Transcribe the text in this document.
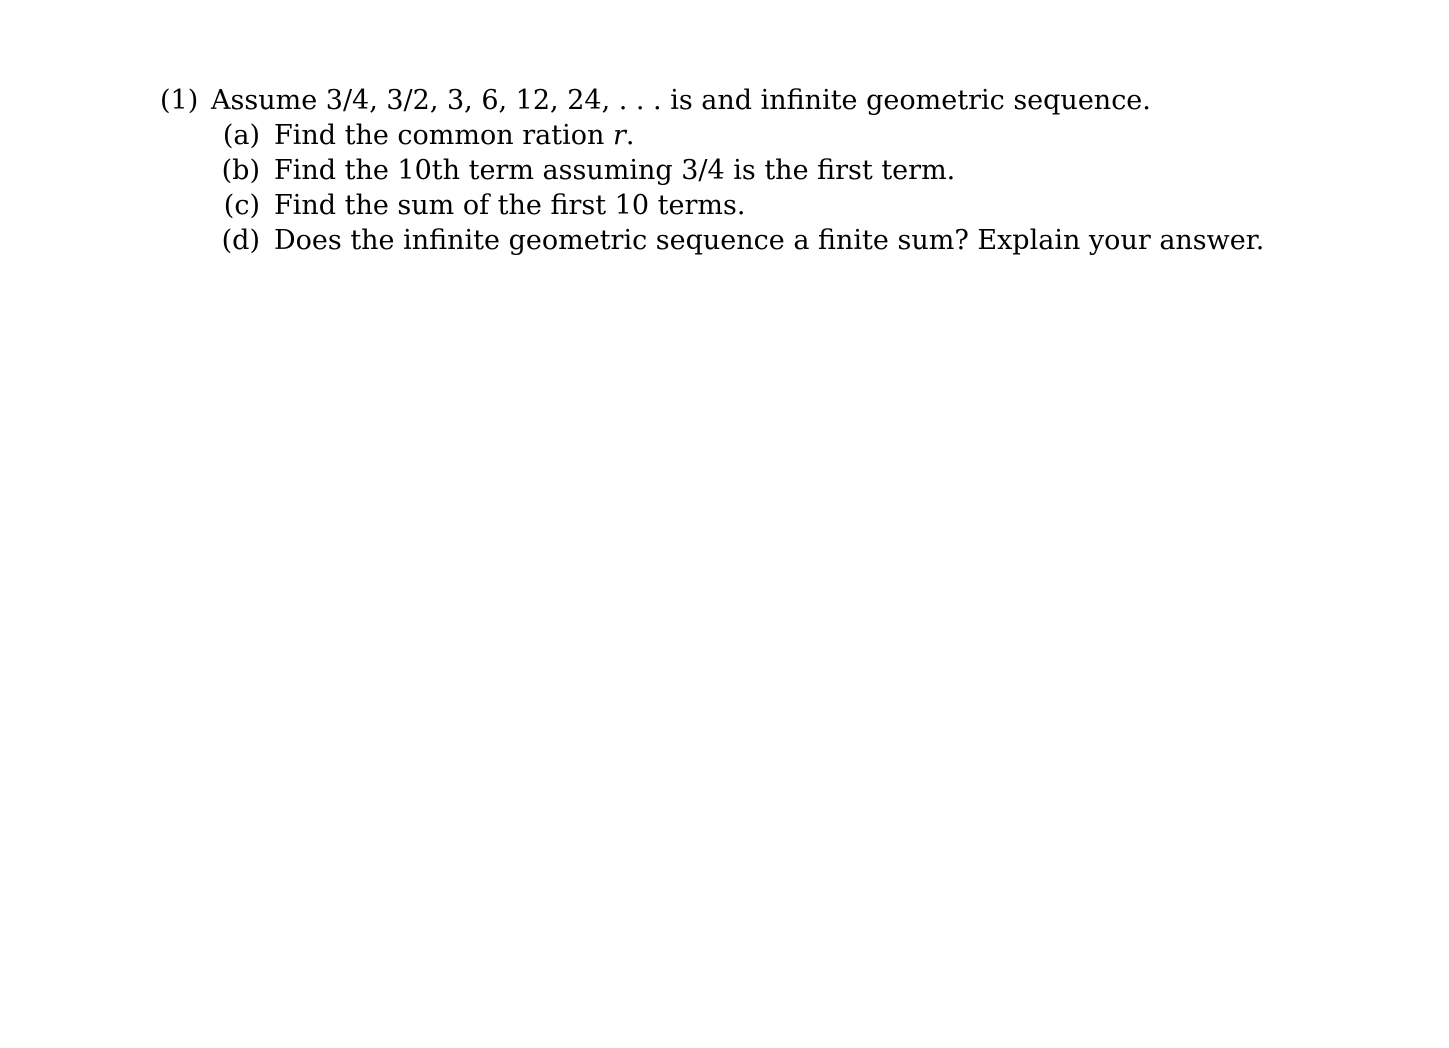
(1) Assume 3/4, 3/2, 3, 6, 12, 24, . . . is and infinite geometric sequence.
(a) Find the common ration r.
(b) Find the 10th term assuming 3/4 is the first term.
(c) Find the sum of the first 10 terms.
(d) Does the infinite geometric sequence a finite sum? Explain your answer.
